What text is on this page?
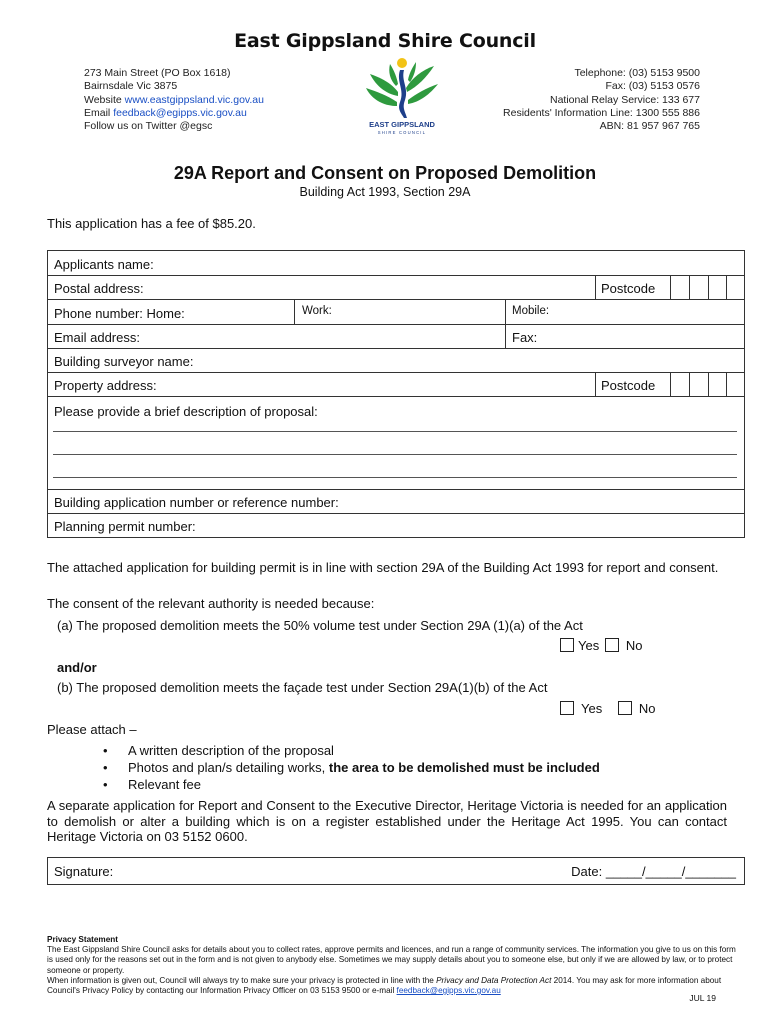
East Gippsland Shire Council
273 Main Street (PO Box 1618)
Bairnsdale Vic 3875
Website www.eastgippsland.vic.gov.au
Email feedback@egipps.vic.gov.au
Follow us on Twitter @egsc	EAST GIPPSLAND
SHIRE COUNCIL
Telephone: (03) 5153 9500
Fax: (03) 5153 0576
National Relay Service: 133 677
Residents' Information Line: 1300 555 886
ABN: 81 957 967 765
29A Report and Consent on Proposed Demolition
Building Act 1993, Section 29A
This application has a fee of $85.20.
Applicants name:
Postal address:	Postcode
Phone number: Home:	Work:	Mobile:
Email address:	Fax:
Building surveyor name:
Property address:	Postcode
Please provide a brief description of proposal:
Building application number or reference number:
Planning permit number:
The attached application for building permit is in line with section 29A of the Building Act 1993 for report and consent.
The consent of the relevant authority is needed because:
(a) The proposed demolition meets the 50% volume test under Section 29A (1)(a) of the Act
Yes No
and/or
(b) The proposed demolition meets the façade test under Section 29A(1)(b) of the Act
Yes	No
Please attach –
• A written description of the proposal
• Photos and plan/s detailing works, the area to be demolished must be included
• Relevant fee
A separate application for Report and Consent to the Executive Director, Heritage Victoria is needed for an application to demolish or alter a building which is on a register established under the Heritage Act 1995. You can contact Heritage Victoria on 03 5152 0600.
Signature:	Date: _____/_____/_______
Privacy Statement
The East Gippsland Shire Council asks for details about you to collect rates, approve permits and licences, and run a range of community services. The information you give to us on this form is used only for the reasons set out in the form and is not given to anybody else. Sometimes we may supply details about you to someone else, but only if we are allowed by law, or to protect someone or property.
When information is given out, Council will always try to make sure your privacy is protected in line with the Privacy and Data Protection Act 2014. You may ask for more information about Council's Privacy Policy by contacting our Information Privacy Officer on 03 5153 9500 or e-mail feedback@egipps.vic.gov.au
JUL 19
